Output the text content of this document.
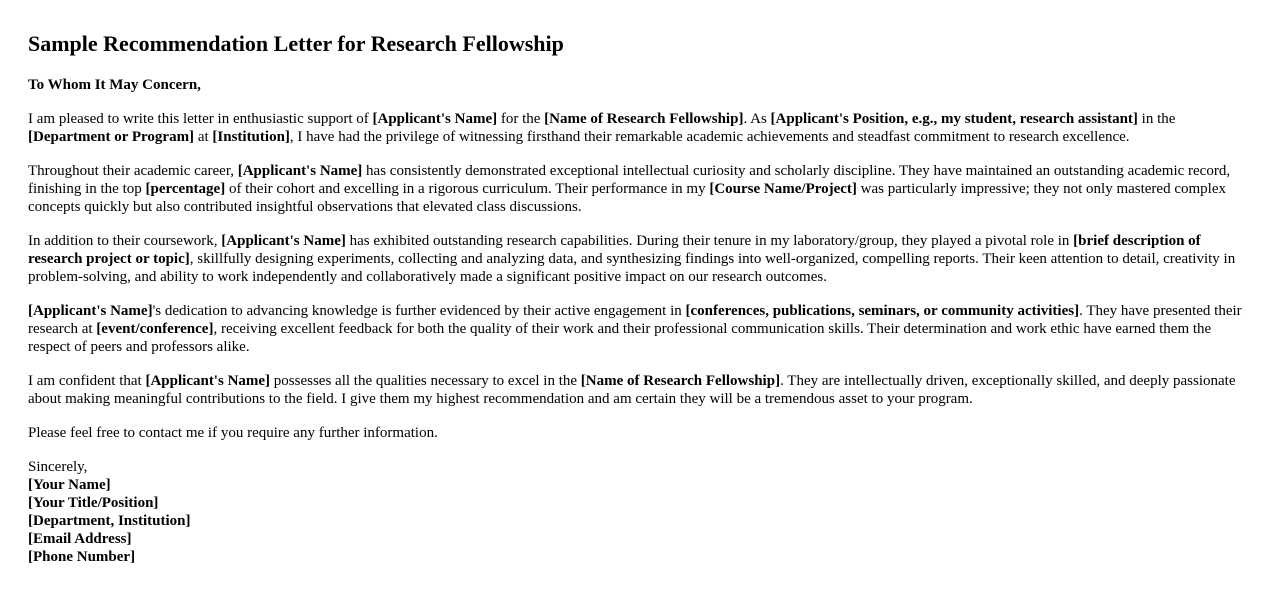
Sample Recommendation Letter for Research Fellowship

To Whom It May Concern,

I am pleased to write this letter in enthusiastic support of [Applicant's Name] for the [Name of Research Fellowship]. As [Applicant's Position, e.g., my student, research assistant] in the [Department or Program] at [Institution], I have had the privilege of witnessing firsthand their remarkable academic achievements and steadfast commitment to research excellence.

Throughout their academic career, [Applicant's Name] has consistently demonstrated exceptional intellectual curiosity and scholarly discipline. They have maintained an outstanding academic record, finishing in the top [percentage] of their cohort and excelling in a rigorous curriculum. Their performance in my [Course Name/Project] was particularly impressive; they not only mastered complex concepts quickly but also contributed insightful observations that elevated class discussions.

In addition to their coursework, [Applicant's Name] has exhibited outstanding research capabilities. During their tenure in my laboratory/group, they played a pivotal role in [brief description of research project or topic], skillfully designing experiments, collecting and analyzing data, and synthesizing findings into well-organized, compelling reports. Their keen attention to detail, creativity in problem-solving, and ability to work independently and collaboratively made a significant positive impact on our research outcomes.

[Applicant's Name]'s dedication to advancing knowledge is further evidenced by their active engagement in [conferences, publications, seminars, or community activities]. They have presented their research at [event/conference], receiving excellent feedback for both the quality of their work and their professional communication skills. Their determination and work ethic have earned them the respect of peers and professors alike.

I am confident that [Applicant's Name] possesses all the qualities necessary to excel in the [Name of Research Fellowship]. They are intellectually driven, exceptionally skilled, and deeply passionate about making meaningful contributions to the field. I give them my highest recommendation and am certain they will be a tremendous asset to your program.

Please feel free to contact me if you require any further information.

Sincerely,
[Your Name]
[Your Title/Position]
[Department, Institution]
[Email Address]
[Phone Number]
